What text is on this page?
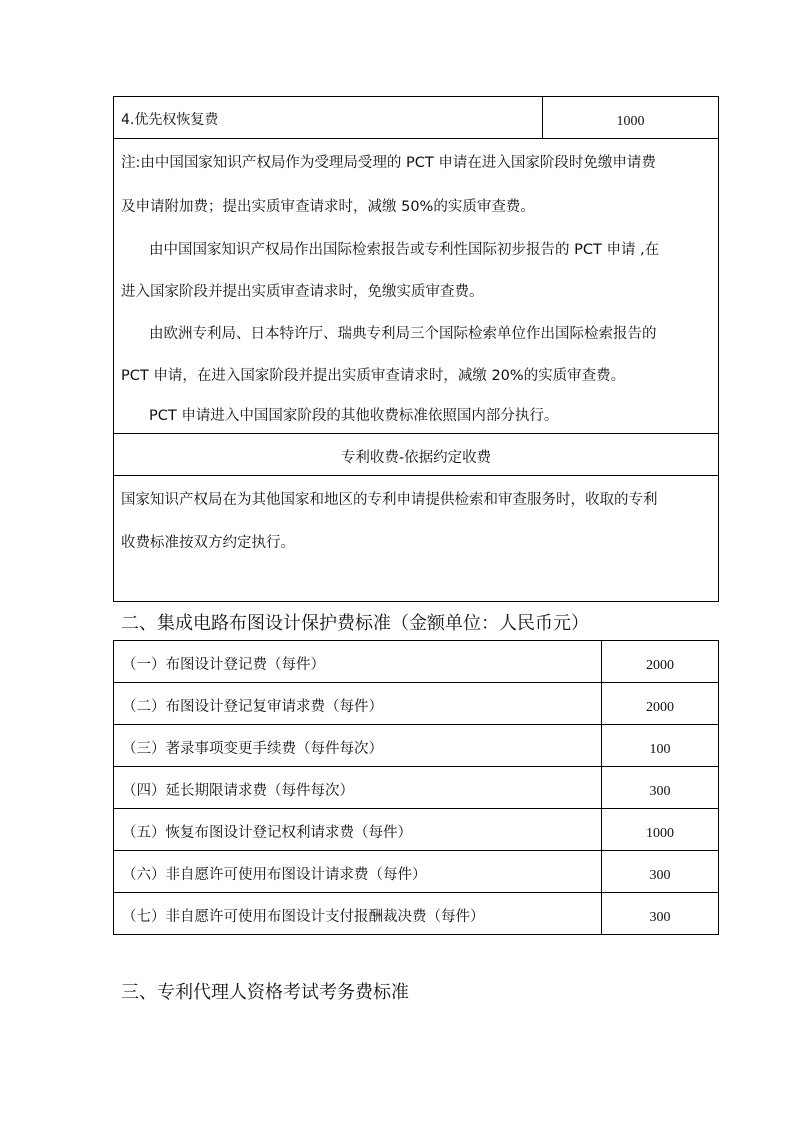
4.优先权恢复费	1000
注:由中国国家知识产权局作为受理局受理的 PCT 申请在进入国家阶段时免缴申请费
及申请附加费；提出实质审查请求时，减缴 50%的实质审查费。
由中国国家知识产权局作出国际检索报告或专利性国际初步报告的 PCT 申请 ,在
进入国家阶段并提出实质审查请求时，免缴实质审查费。
由欧洲专利局、日本特许厅、瑞典专利局三个国际检索单位作出国际检索报告的
PCT 申请，在进入国家阶段并提出实质审查请求时，减缴 20%的实质审查费。
PCT 申请进入中国国家阶段的其他收费标准依照国内部分执行。
专利收费-依据约定收费
国家知识产权局在为其他国家和地区的专利申请提供检索和审查服务时，收取的专利
收费标准按双方约定执行。
二、集成电路布图设计保护费标准（金额单位：人民币元）
（一）布图设计登记费（每件）	2000
（二）布图设计登记复审请求费（每件）	2000
（三）著录事项变更手续费（每件每次）	100
（四）延长期限请求费（每件每次）	300
（五）恢复布图设计登记权利请求费（每件）	1000
（六）非自愿许可使用布图设计请求费（每件）	300
（七）非自愿许可使用布图设计支付报酬裁决费（每件）	300
三、专利代理人资格考试考务费标准
